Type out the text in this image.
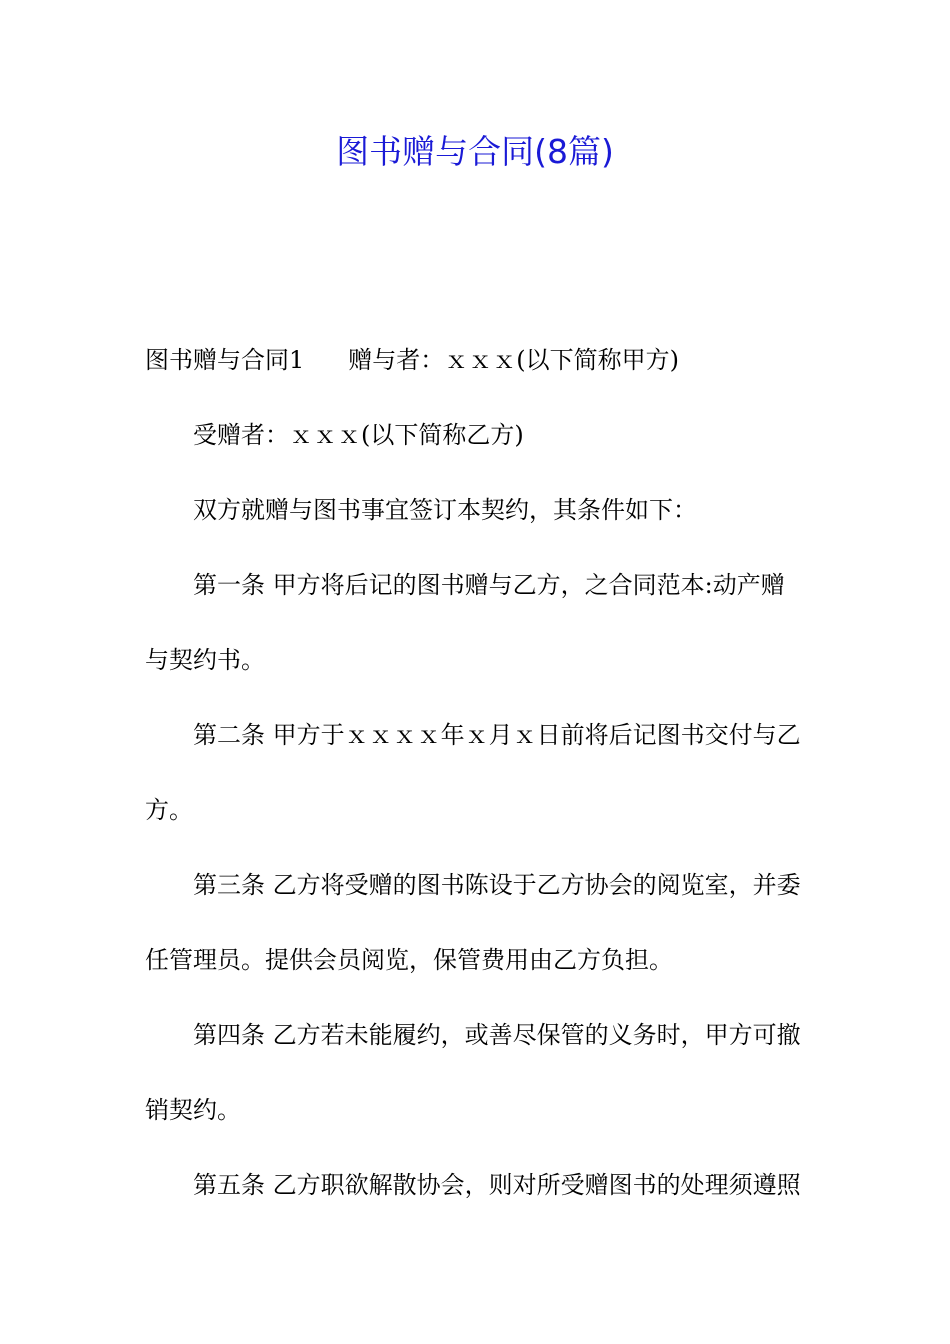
图书赠与合同(8篇)

图书赠与合同1 赠与者：ｘｘｘ(以下简称甲方)

受赠者：ｘｘｘ(以下简称乙方)

双方就赠与图书事宜签订本契约，其条件如下：

第一条 甲方将后记的图书赠与乙方，之合同范本:动产赠

与契约书。

第二条 甲方于ｘｘｘｘ年ｘ月ｘ日前将后记图书交付与乙

方。

第三条 乙方将受赠的图书陈设于乙方协会的阅览室，并委

任管理员。提供会员阅览，保管费用由乙方负担。

第四条 乙方若未能履约，或善尽保管的义务时，甲方可撤

销契约。

第五条 乙方职欲解散协会，则对所受赠图书的处理须遵照
